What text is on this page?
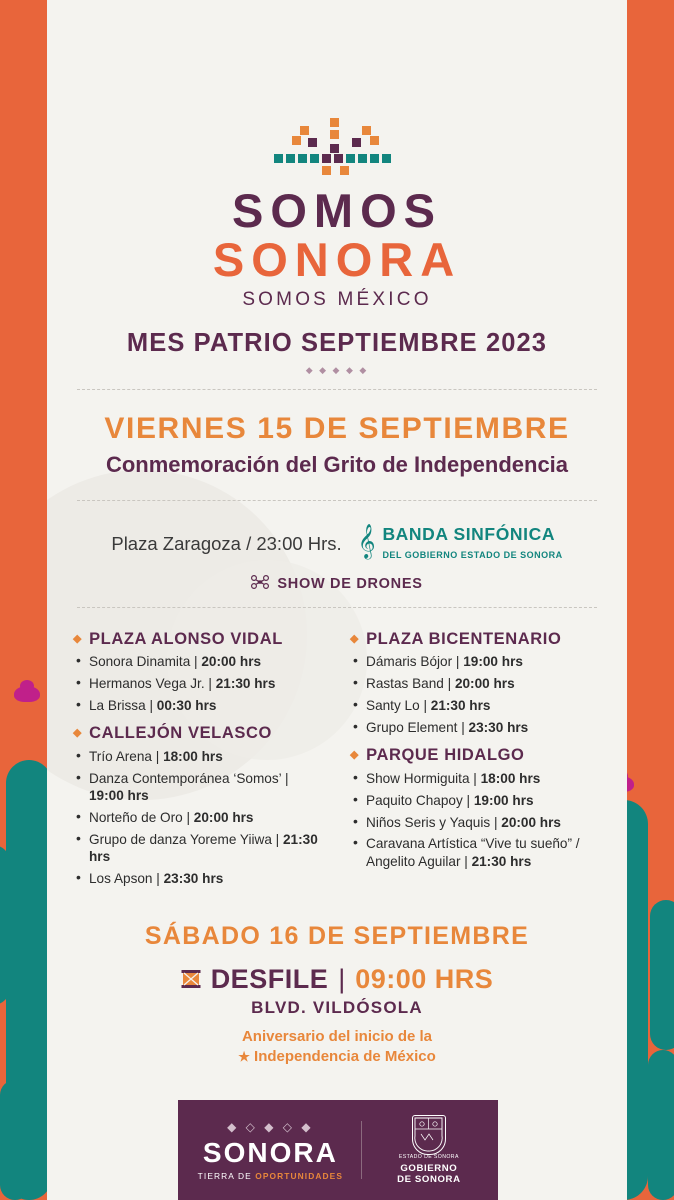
SOMOS
SONORA
SOMOS MÉXICO
MES PATRIO SEPTIEMBRE 2023
◆ ◆ ◆ ◆ ◆
VIERNES 15 DE SEPTIEMBRE
Conmemoración del Grito de Independencia
Plaza Zaragoza / 23:00 Hrs. 𝄞 BANDA SINFÓNICA
DEL GOBIERNO ESTADO DE SONORA
SHOW DE DRONES
◆ PLAZA ALONSO VIDAL
• Sonora Dinamita | 20:00 hrs
• Hermanos Vega Jr. | 21:30 hrs
• La Brissa | 00:30 hrs
◆ CALLEJÓN VELASCO
• Trío Arena | 18:00 hrs
• Danza Contemporánea ‘Somos’ | 19:00 hrs
• Norteño de Oro | 20:00 hrs
• Grupo de danza Yoreme Yiiwa | 21:30 hrs
• Los Apson | 23:30 hrs
◆ PLAZA BICENTENARIO
• Dámaris Bójor | 19:00 hrs
• Rastas Band | 20:00 hrs
• Santy Lo | 21:30 hrs
• Grupo Element | 23:30 hrs
◆ PARQUE HIDALGO
• Show Hormiguita | 18:00 hrs
• Paquito Chapoy | 19:00 hrs
• Niños Seris y Yaquis | 20:00 hrs
• Caravana Artística “Vive tu sueño” / Angelito Aguilar | 21:30 hrs
SÁBADO 16 DE SEPTIEMBRE
DESFILE | 09:00 HRS
BLVD. VILDÓSOLA
Aniversario del inicio de la
★ Independencia de México
◆ ◇ ◆ ◇ ◆
SONORA
TIERRA DE OPORTUNIDADES
ESTADO DE SONORA
GOBIERNO
DE SONORA
